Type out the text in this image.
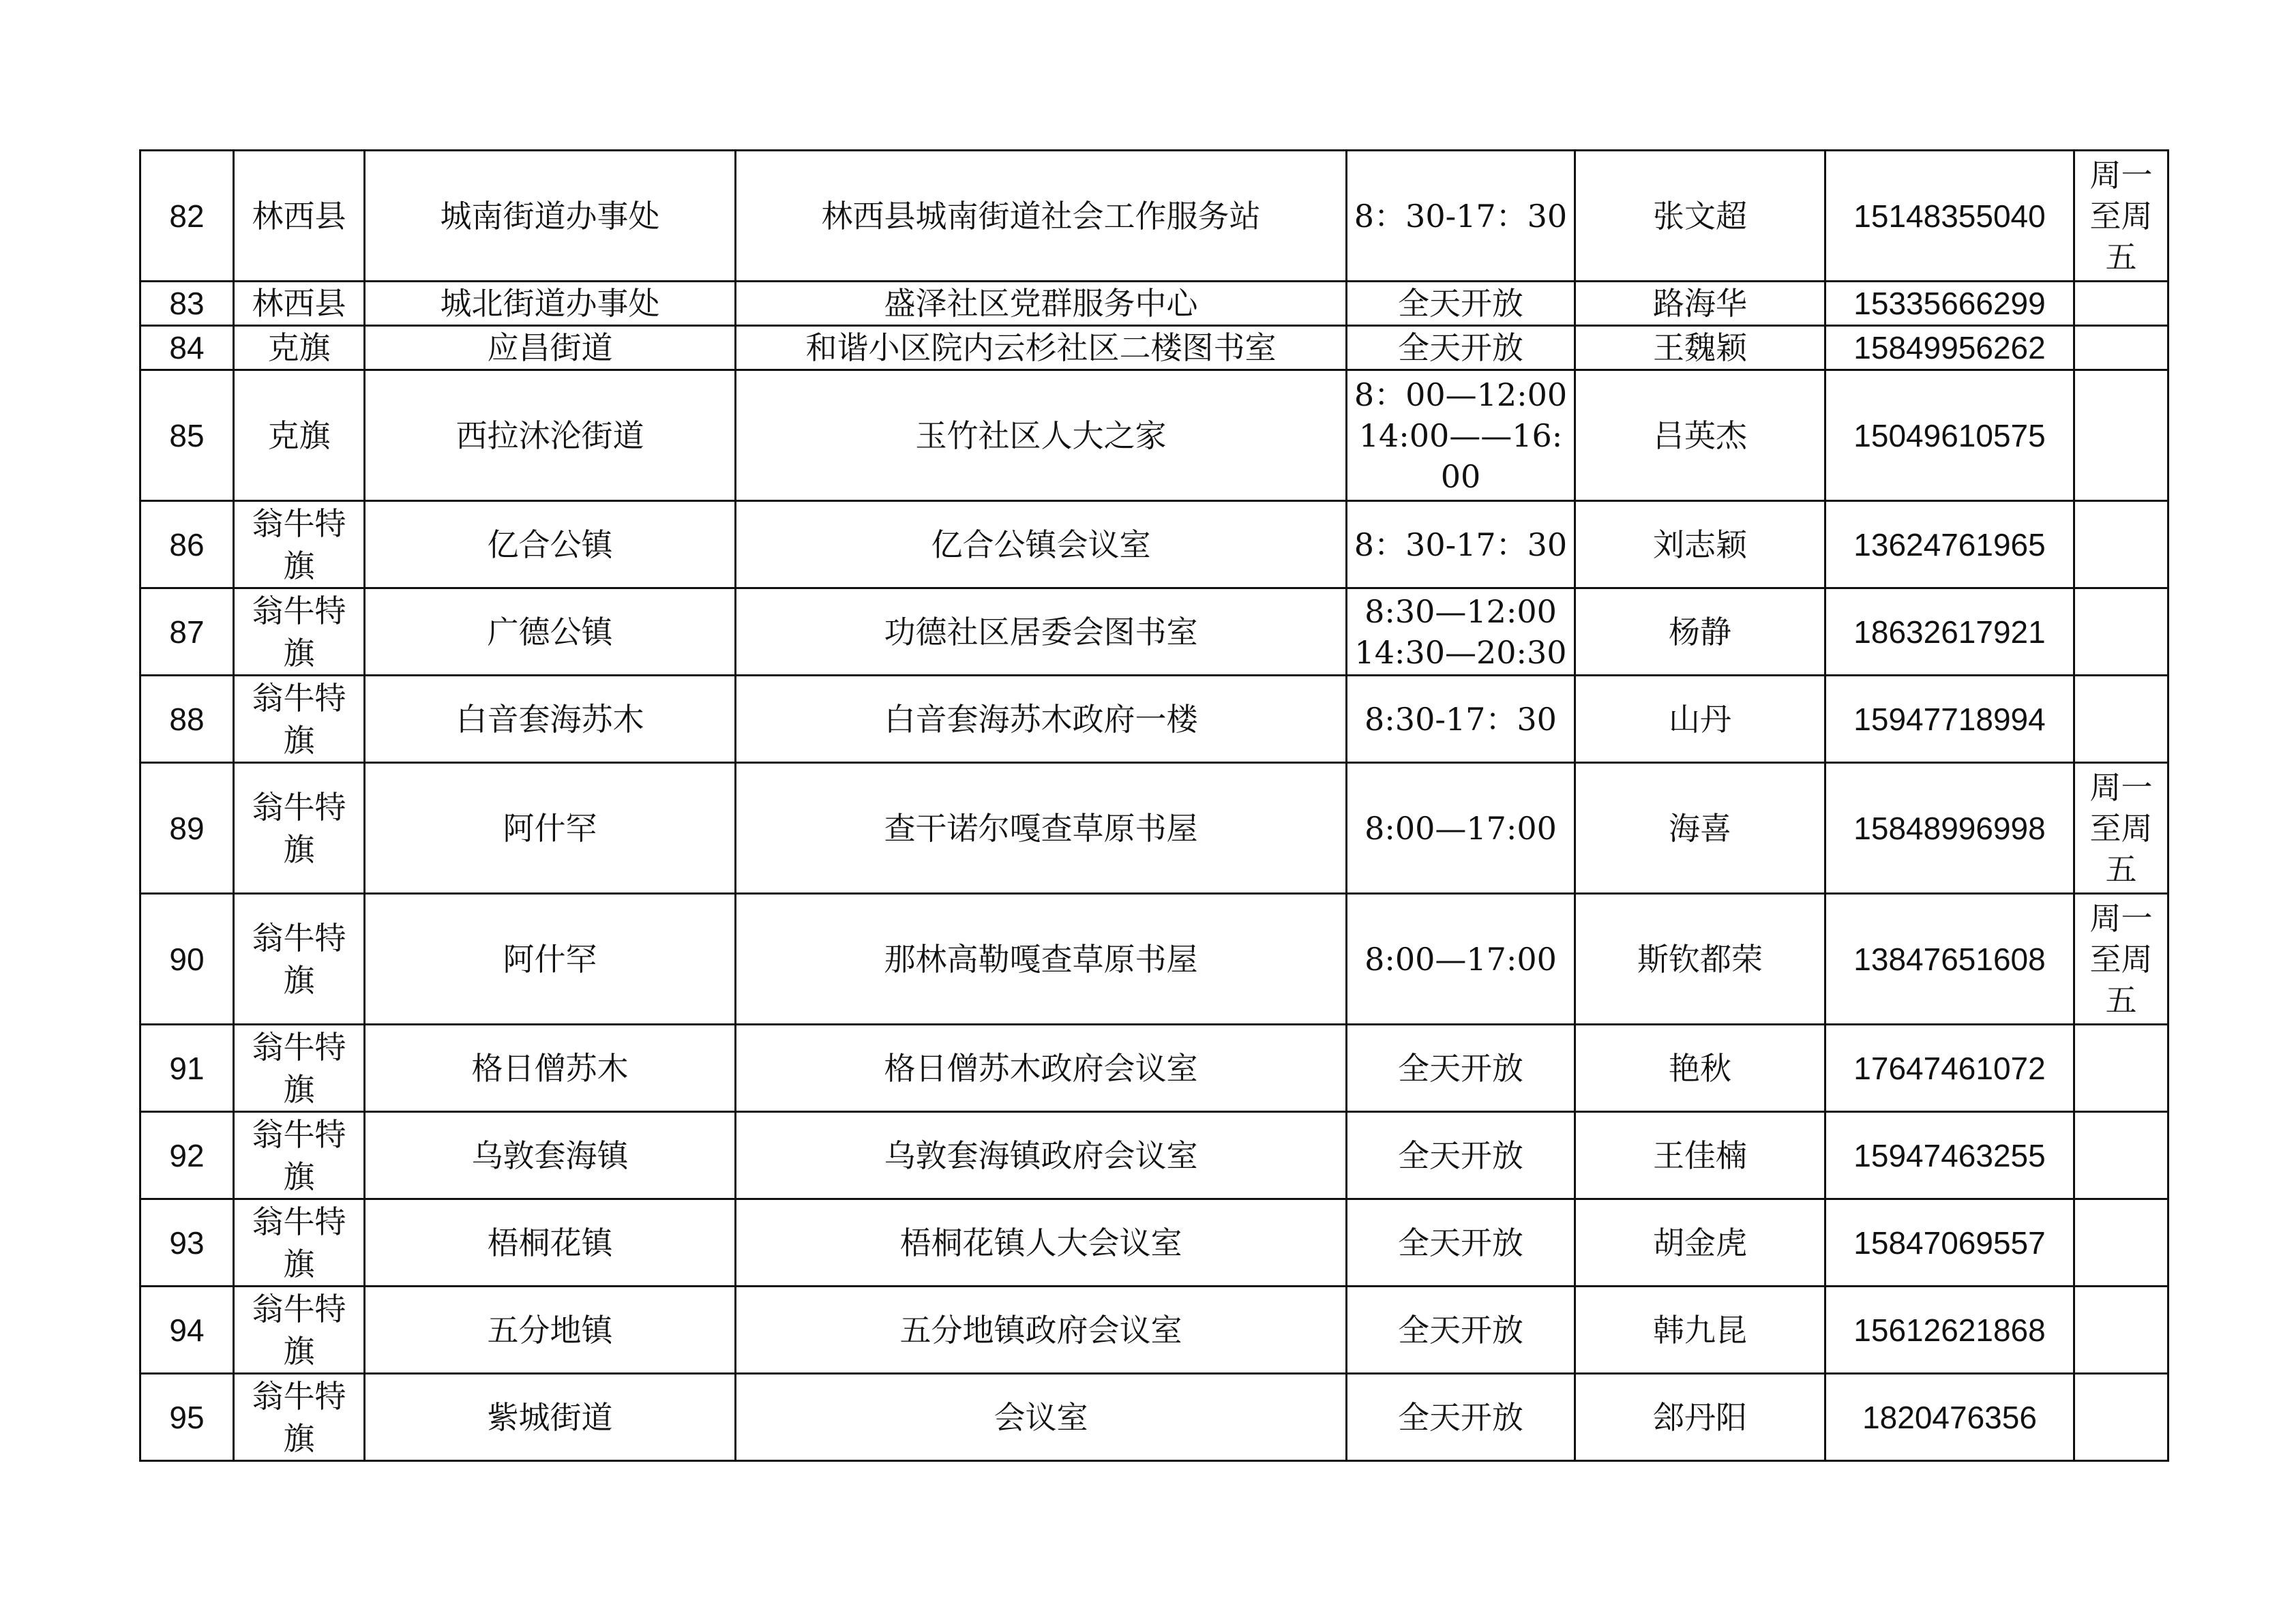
82	林西县	城南街道办事处	林西县城南街道社会工作服务站	8：30-17：30	张文超	15148355040	周一至周五
83	林西县	城北街道办事处	盛泽社区党群服务中心	全天开放	路海华	15335666299	
84	克旗	应昌街道	和谐小区院内云杉社区二楼图书室	全天开放	王魏颖	15849956262	
85	克旗	西拉沐沦街道	玉竹社区人大之家	8：00—12:00 14:00——16:00	吕英杰	15049610575	
86	翁牛特旗	亿合公镇	亿合公镇会议室	8：30-17：30	刘志颖	13624761965	
87	翁牛特旗	广德公镇	功德社区居委会图书室	8:30—12:00 14:30—20:30	杨静	18632617921	
88	翁牛特旗	白音套海苏木	白音套海苏木政府一楼	8:30-17：30	山丹	15947718994	
89	翁牛特旗	阿什罕	查干诺尔嘎查草原书屋	8:00—17:00	海喜	15848996998	周一至周五
90	翁牛特旗	阿什罕	那林高勒嘎查草原书屋	8:00—17:00	斯钦都荣	13847651608	周一至周五
91	翁牛特旗	格日僧苏木	格日僧苏木政府会议室	全天开放	艳秋	17647461072	
92	翁牛特旗	乌敦套海镇	乌敦套海镇政府会议室	全天开放	王佳楠	15947463255	
93	翁牛特旗	梧桐花镇	梧桐花镇人大会议室	全天开放	胡金虎	15847069557	
94	翁牛特旗	五分地镇	五分地镇政府会议室	全天开放	韩九昆	15612621868	
95	翁牛特旗	紫城街道	会议室	全天开放	郐丹阳	1820476356	
